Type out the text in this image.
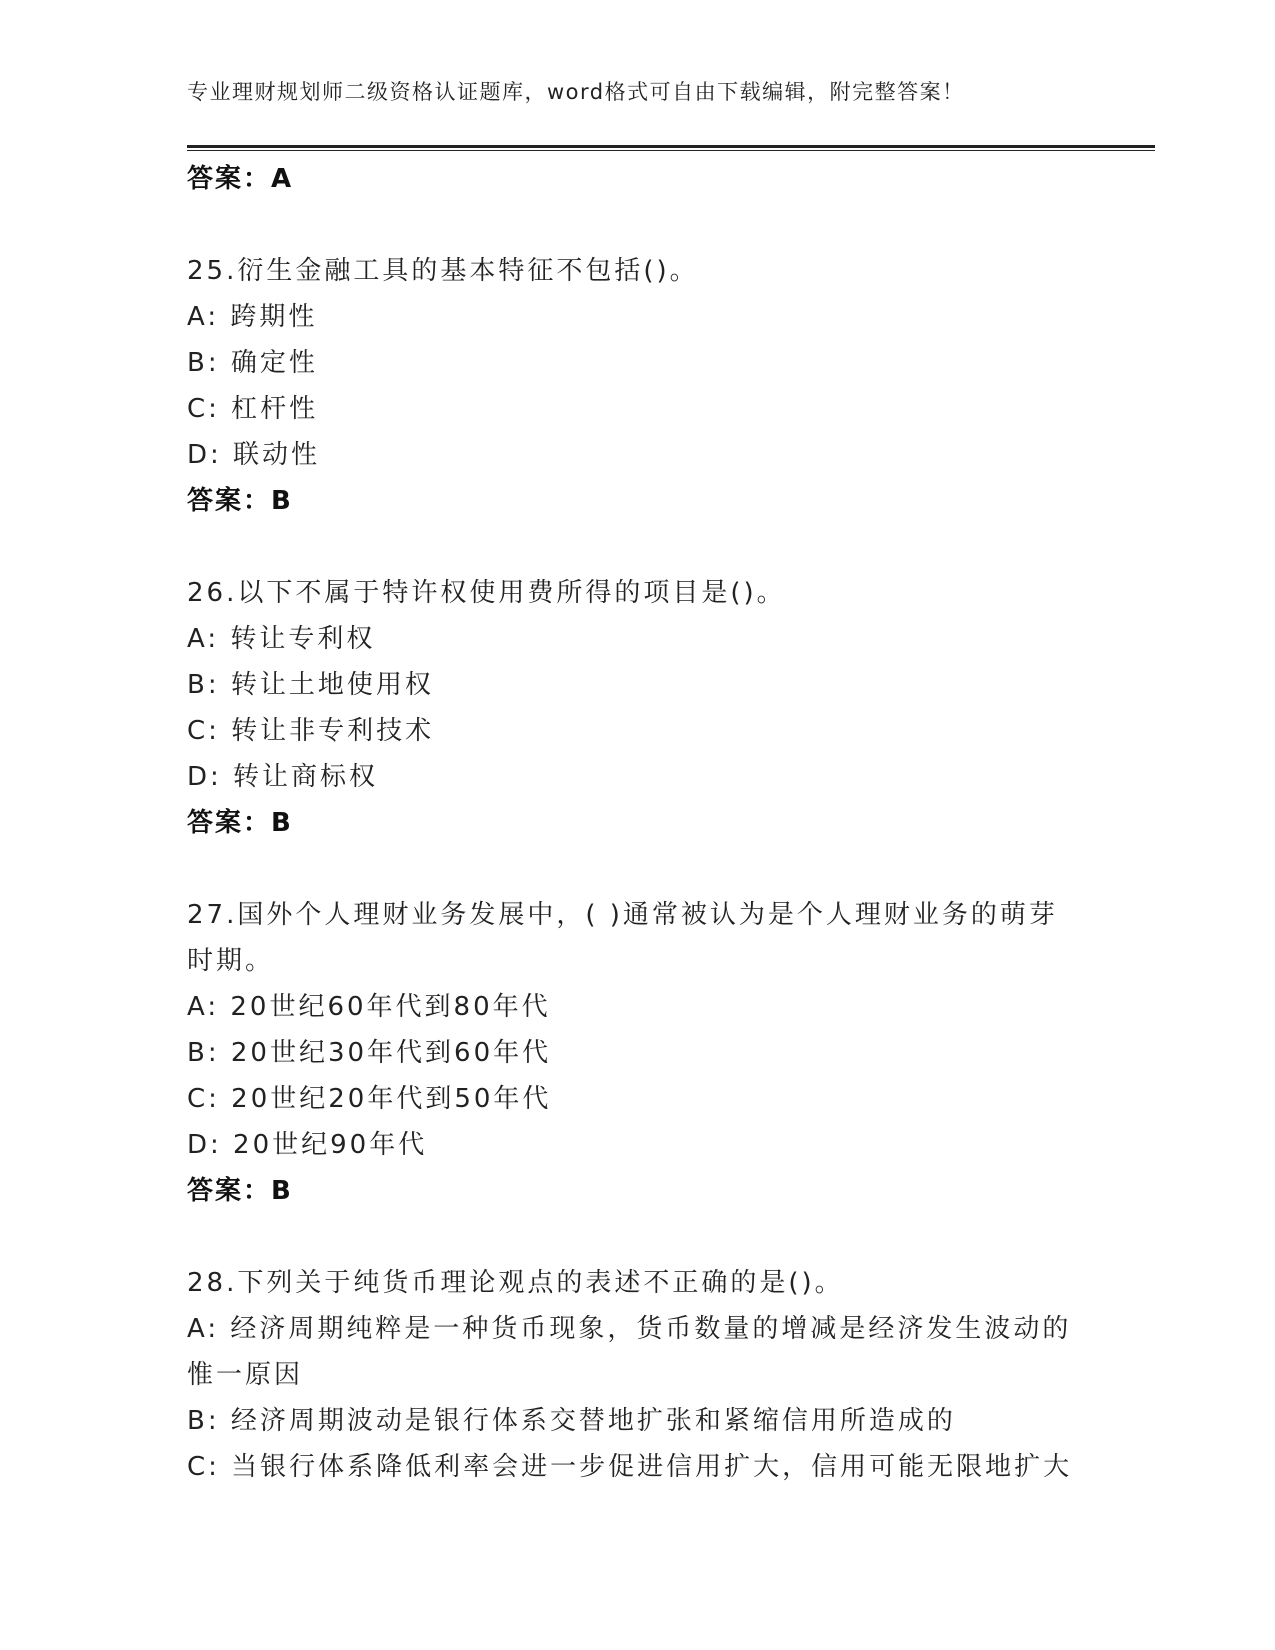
专业理财规划师二级资格认证题库，word格式可自由下载编辑，附完整答案！
答案：A
25.衍生金融工具的基本特征不包括()。
A: 跨期性
B: 确定性
C: 杠杆性
D: 联动性
答案：B
26.以下不属于特许权使用费所得的项目是()。
A: 转让专利权
B: 转让土地使用权
C: 转让非专利技术
D: 转让商标权
答案：B
27.国外个人理财业务发展中，( )通常被认为是个人理财业务的萌芽
时期。
A: 20世纪60年代到80年代
B: 20世纪30年代到60年代
C: 20世纪20年代到50年代
D: 20世纪90年代
答案：B
28.下列关于纯货币理论观点的表述不正确的是()。
A: 经济周期纯粹是一种货币现象，货币数量的增减是经济发生波动的
惟一原因
B: 经济周期波动是银行体系交替地扩张和紧缩信用所造成的
C: 当银行体系降低利率会进一步促进信用扩大，信用可能无限地扩大
